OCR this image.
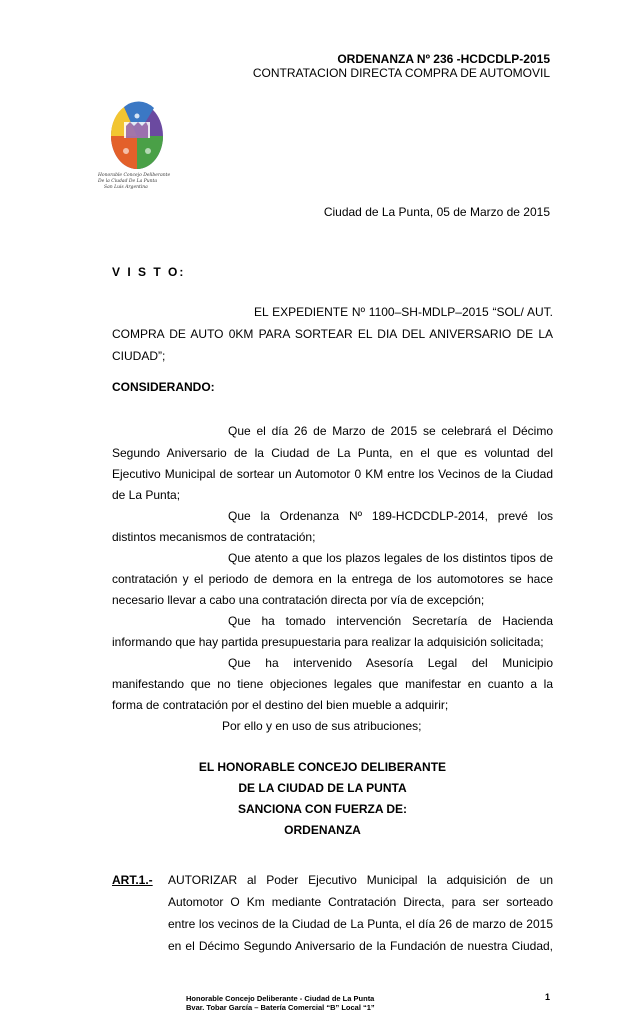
ORDENANZA Nº 236 -HCDCDLP-2015
CONTRATACION DIRECTA COMPRA DE AUTOMOVIL
Honorable Concejo Deliberante
De la Ciudad De La Punta
San Luis Argentina
Ciudad de La Punta, 05 de Marzo de 2015
V I S T O:
EL EXPEDIENTE Nº 1100–SH-MDLP–2015 “SOL/ AUT.
COMPRA DE AUTO 0KM PARA SORTEAR EL DIA DEL ANIVERSARIO DE LA
CIUDAD”;
CONSIDERANDO:
Que el día 26 de Marzo de 2015 se celebrará el Décimo
Segundo Aniversario de la Ciudad de La Punta, en el que es voluntad del
Ejecutivo Municipal de sortear un Automotor 0 KM entre los Vecinos de la Ciudad
de La Punta;
Que la Ordenanza Nº 189-HCDCDLP-2014, prevé los
distintos mecanismos de contratación;
Que atento a que los plazos legales de los distintos tipos de
contratación y el periodo de demora en la entrega de los automotores se hace
necesario llevar a cabo una contratación directa por vía de excepción;
Que ha tomado intervención Secretaría de Hacienda
informando que hay partida presupuestaria para realizar la adquisición solicitada;
Que ha intervenido Asesoría Legal del Municipio
manifestando que no tiene objeciones legales que manifestar en cuanto a la
forma de contratación por el destino del bien mueble a adquirir;
Por ello y en uso de sus atribuciones;
EL HONORABLE CONCEJO DELIBERANTE
DE LA CIUDAD DE LA PUNTA
SANCIONA CON FUERZA DE:
ORDENANZA
ART.1.- AUTORIZAR al Poder Ejecutivo Municipal la adquisición de un
Automotor O Km mediante Contratación Directa, para ser sorteado
entre los vecinos de la Ciudad de La Punta, el día 26 de marzo de 2015
en el Décimo Segundo Aniversario de la Fundación de nuestra Ciudad,
Honorable Concejo Deliberante - Ciudad de La Punta
Bvar. Tobar García – Batería Comercial “B” Local “1”
1
